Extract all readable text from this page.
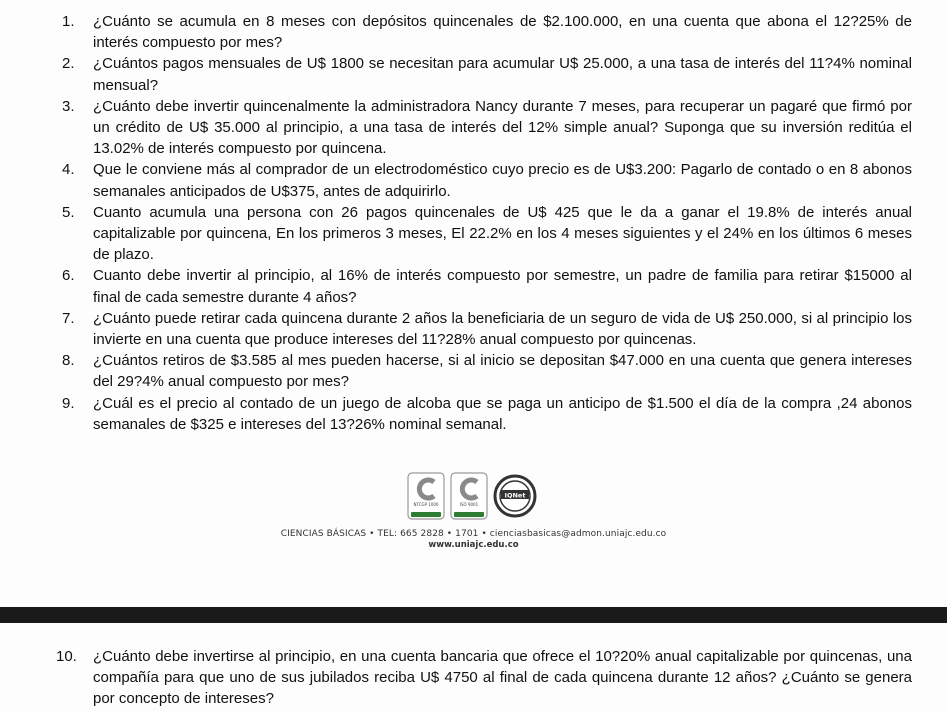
1. ¿Cuánto se acumula en 8 meses con depósitos quincenales de $2.100.000, en una cuenta que abona el 12?25% de interés compuesto por mes?
2. ¿Cuántos pagos mensuales de U$ 1800 se necesitan para acumular U$ 25.000, a una tasa de interés del 11?4% nominal mensual?
3. ¿Cuánto debe invertir quincenalmente la administradora Nancy durante 7 meses, para recuperar un pagaré que firmó por un crédito de U$ 35.000 al principio, a una tasa de interés del 12% simple anual? Suponga que su inversión reditúa el 13.02% de interés compuesto por quincena.
4. Que le conviene más al comprador de un electrodoméstico cuyo precio es de U$3.200: Pagarlo de contado o en 8 abonos semanales anticipados de U$375, antes de adquirirlo.
5. Cuanto acumula una persona con 26 pagos quincenales de U$ 425 que le da a ganar el 19.8% de interés anual capitalizable por quincena, En los primeros 3 meses, El 22.2% en los 4 meses siguientes y el 24% en los últimos 6 meses de plazo.
6. Cuanto debe invertir al principio, al 16% de interés compuesto por semestre, un padre de familia para retirar $15000 al final de cada semestre durante 4 años?
7. ¿Cuánto puede retirar cada quincena durante 2 años la beneficiaria de un seguro de vida de U$ 250.000, si al principio los invierte en una cuenta que produce intereses del 11?28% anual compuesto por quincenas.
8. ¿Cuántos retiros de $3.585 al mes pueden hacerse, si al inicio se depositan $47.000 en una cuenta que genera intereses del 29?4% anual compuesto por mes?
9. ¿Cuál es el precio al contado de un juego de alcoba que se paga un anticipo de $1.500 el día de la compra ,24 abonos semanales de $325 e intereses del 13?26% nominal semanal.
NTCGP 1000	ISO 9001
IQNet
CIENCIAS BÁSICAS • TEL: 665 2828 • 1701 • cienciasbasicas@admon.uniajc.edu.co
www.uniajc.edu.co
10. ¿Cuánto debe invertirse al principio, en una cuenta bancaria que ofrece el 10?20% anual capitalizable por quincenas, una compañía para que uno de sus jubilados reciba U$ 4750 al final de cada quincena durante 12 años? ¿Cuánto se genera por concepto de intereses?
